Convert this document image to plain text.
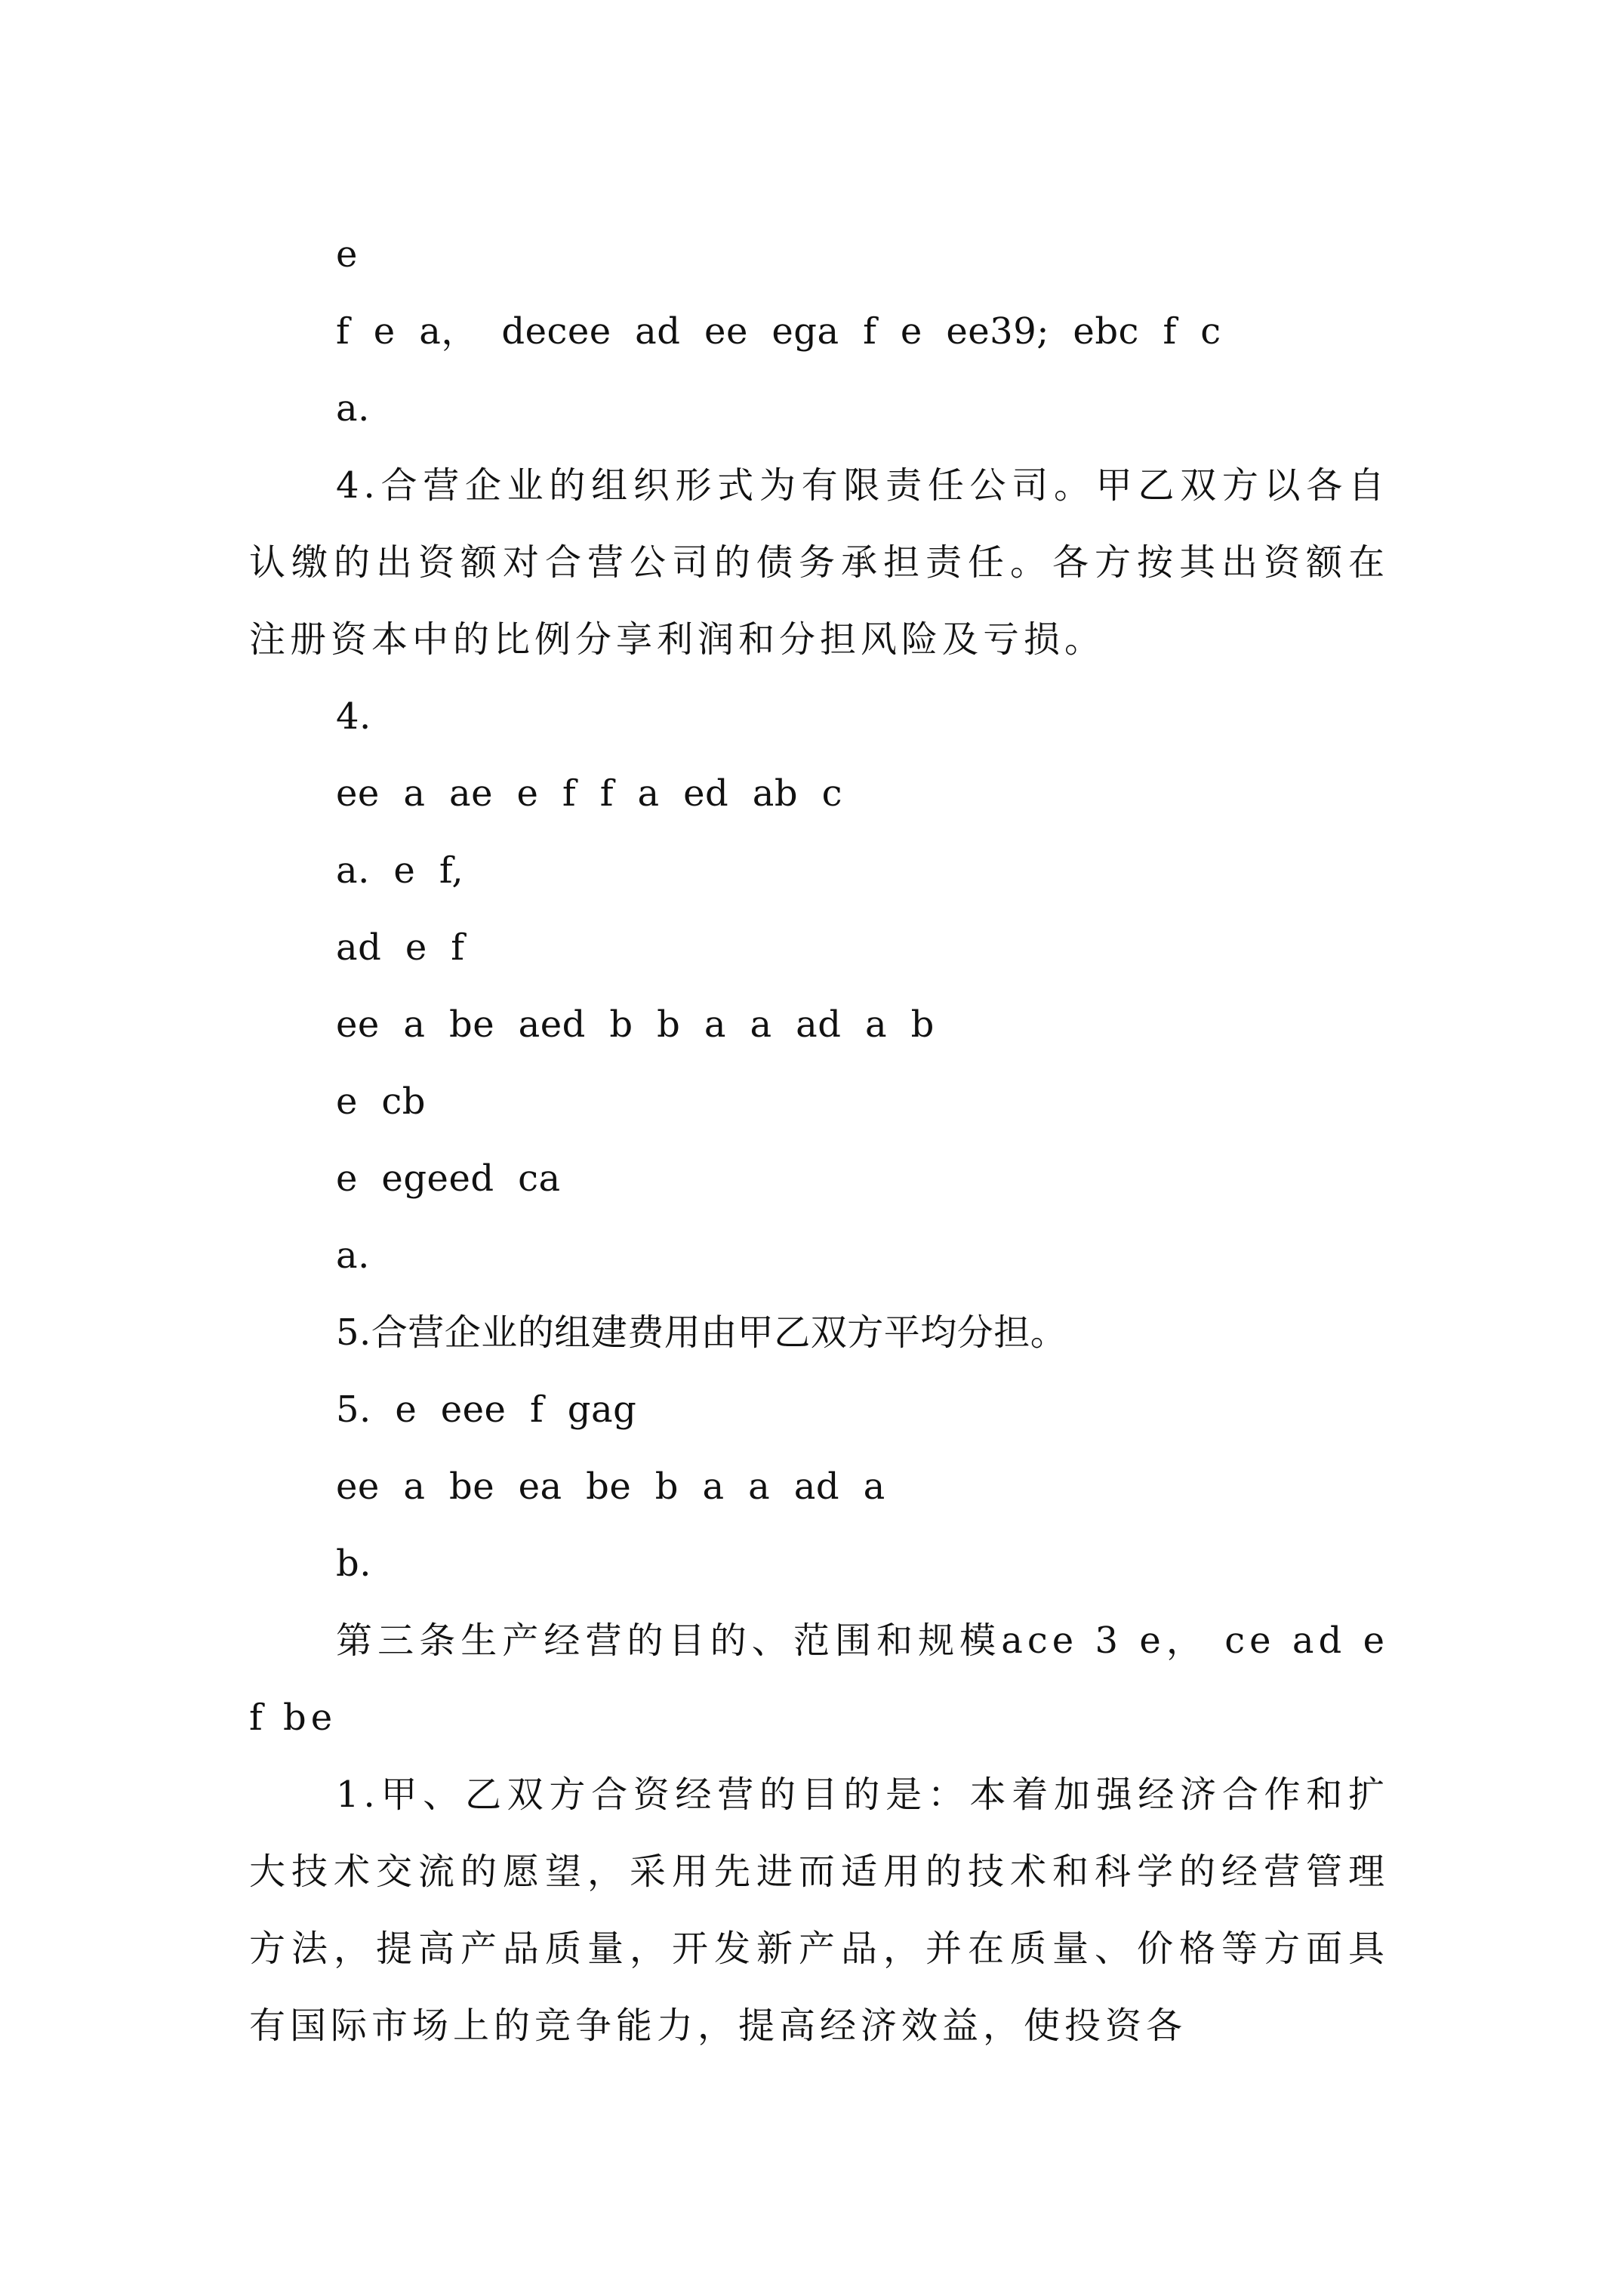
e
f  e  a，  decee  ad  ee  ega  f  e  ee39;  ebc  f  c
a.

4.合营企业的组织形式为有限责任公司。甲乙双方以各自认缴的出资额对合营公司的债务承担责任。各方按其出资额在注册资本中的比例分享利润和分担风险及亏损。

4.
ee  a  ae  e  f  f  a  ed  ab  c
a.  e  f,
ad  e  f
ee  a  be  aed  b  b  a  a  ad  a  b
e  cb
e  egeed  ca
a.
5.合营企业的组建费用由甲乙双方平均分担。
5.  e  eee  f  gag
ee  a  be  ea  be  b  a  a  ad  a
b.

第三条生产经营的目的、范围和规模ace 3 e， ce ad e f be

1.甲、乙双方合资经营的目的是：本着加强经济合作和扩大技术交流的愿望，采用先进而适用的技术和科学的经营管理方法，提高产品质量，开发新产品，并在质量、价格等方面具有国际市场上的竞争能力，提高经济效益，使投资各
